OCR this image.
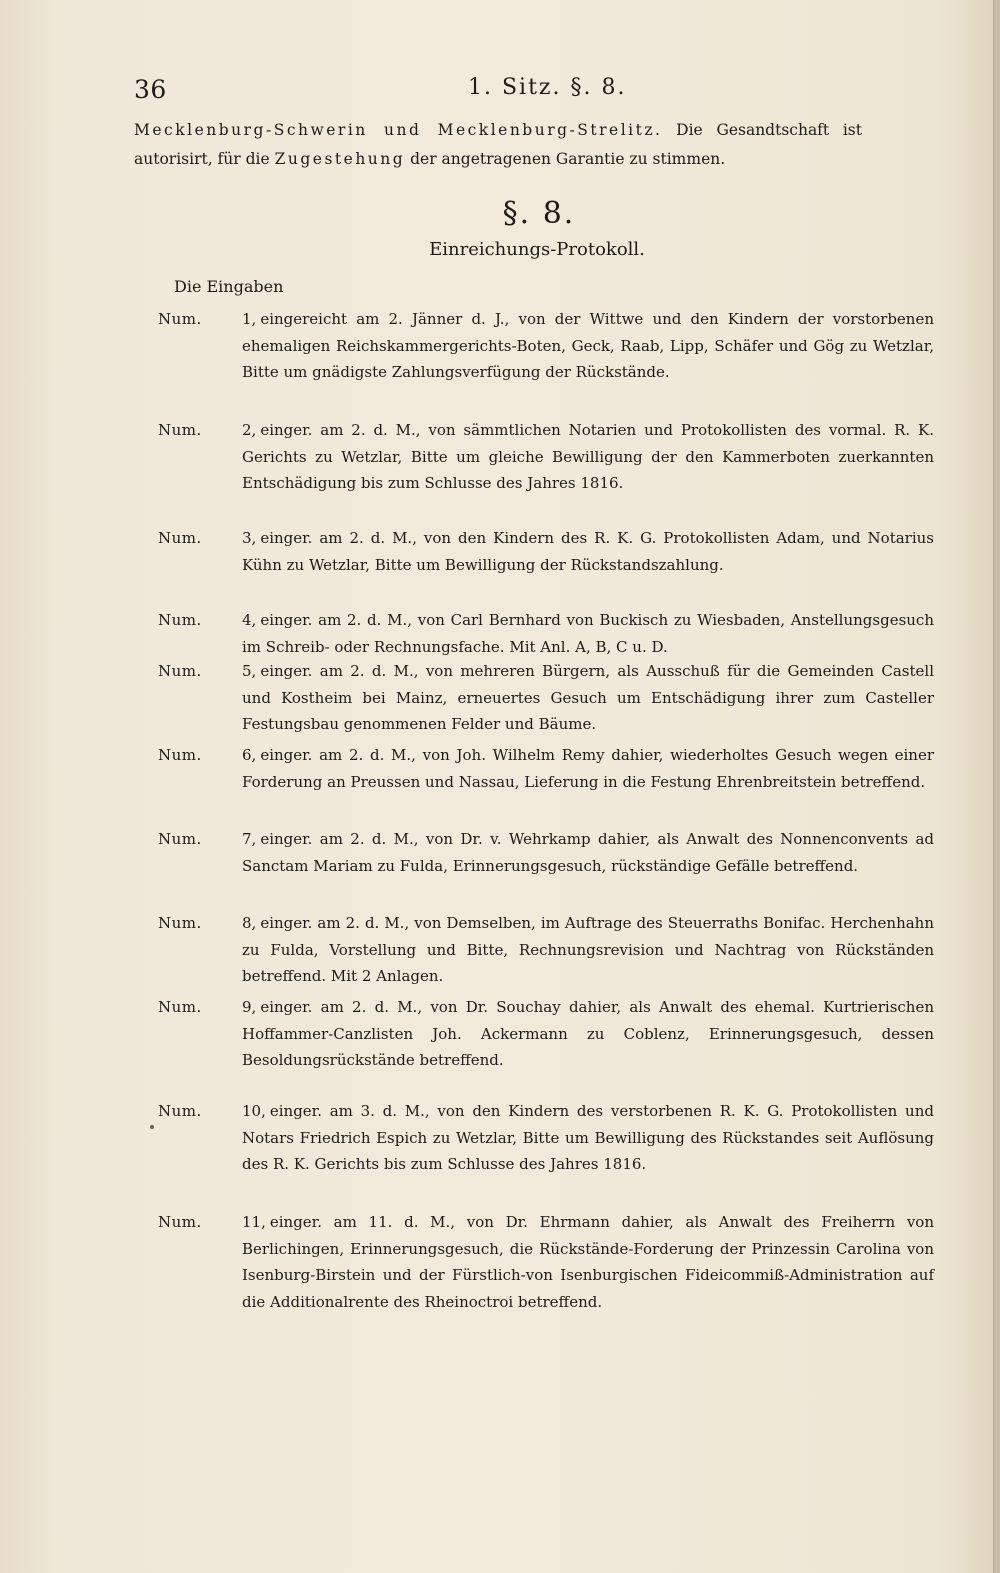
36	1. Sitz. §. 8.
Mecklenburg-Schwerin und Mecklenburg-Strelitz. Die Gesandtschaft ist autorisirt, für die Zugestehung der angetragenen Garantie zu stimmen.
§. 8.
Einreichungs-Protokoll.
Die Eingaben
Num.	1, eingereicht am 2. Jänner d. J., von der Wittwe und den Kindern der vorstorbenen ehemaligen Reichskammergerichts-Boten, Geck, Raab, Lipp, Schäfer und Gög zu Wetzlar, Bitte um gnädigste Zahlungsverfügung der Rückstände.
Num.	2, einger. am 2. d. M., von sämmtlichen Notarien und Protokollisten des vormal. R. K. Gerichts zu Wetzlar, Bitte um gleiche Bewilligung der den Kammerboten zuerkannten Entschädigung bis zum Schlusse des Jahres 1816.
Num.	3, einger. am 2. d. M., von den Kindern des R. K. G. Protokollisten Adam, und Notarius Kühn zu Wetzlar, Bitte um Bewilligung der Rückstandszahlung.
Num.	4, einger. am 2. d. M., von Carl Bernhard von Buckisch zu Wiesbaden, Anstellungsgesuch im Schreib- oder Rechnungsfache. Mit Anl. A, B, C u. D.
Num.	5, einger. am 2. d. M., von mehreren Bürgern, als Ausschuß für die Gemeinden Castell und Kostheim bei Mainz, erneuertes Gesuch um Entschädigung ihrer zum Casteller Festungsbau genommenen Felder und Bäume.
Num.	6, einger. am 2. d. M., von Joh. Wilhelm Remy dahier, wiederholtes Gesuch wegen einer Forderung an Preussen und Nassau, Lieferung in die Festung Ehrenbreitstein betreffend.
Num.	7, einger. am 2. d. M., von Dr. v. Wehrkamp dahier, als Anwalt des Nonnenconvents ad Sanctam Mariam zu Fulda, Erinnerungsgesuch, rückständige Gefälle betreffend.
Num.	8, einger. am 2. d. M., von Demselben, im Auftrage des Steuerraths Bonifac. Herchenhahn zu Fulda, Vorstellung und Bitte, Rechnungsrevision und Nachtrag von Rückständen betreffend. Mit 2 Anlagen.
Num.	9, einger. am 2. d. M., von Dr. Souchay dahier, als Anwalt des ehemal. Kurtrierischen Hoffammer-Canzlisten Joh. Ackermann zu Coblenz, Erinnerungsgesuch, dessen Besoldungsrückstände betreffend.
Num.	10, einger. am 3. d. M., von den Kindern des verstorbenen R. K. G. Protokollisten und Notars Friedrich Espich zu Wetzlar, Bitte um Bewilligung des Rückstandes seit Auflösung des R. K. Gerichts bis zum Schlusse des Jahres 1816.
Num.	11, einger. am 11. d. M., von Dr. Ehrmann dahier, als Anwalt des Freiherrn von Berlichingen, Erinnerungsgesuch, die Rückstände-Forderung der Prinzessin Carolina von Isenburg-Birstein und der Fürstlich-von Isenburgischen Fideicommiß-Administration auf die Additionalrente des Rheinoctroi betreffend.
